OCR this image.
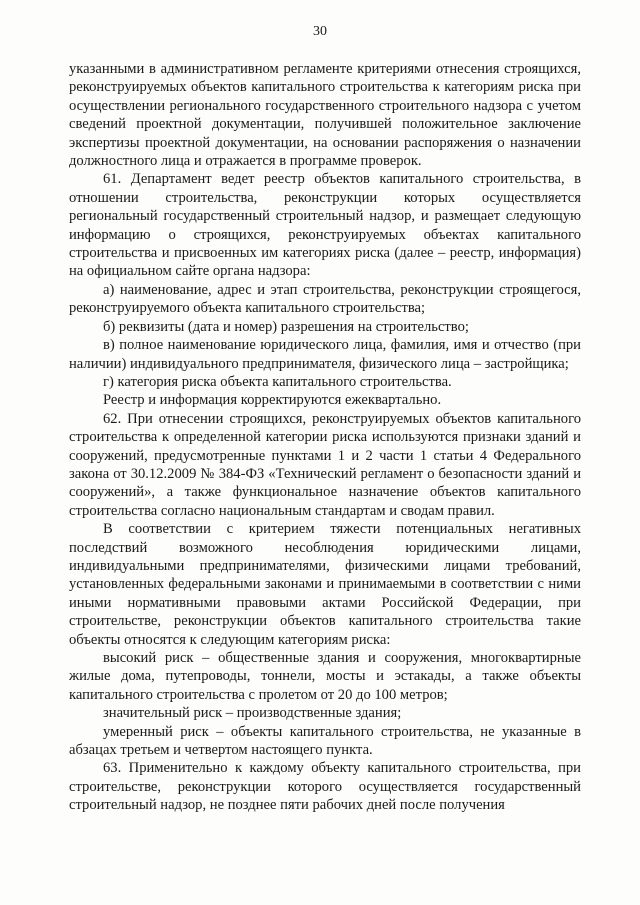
30

указанными в административном регламенте критериями отнесения строящихся, реконструируемых объектов капитального строительства к категориям риска при осуществлении регионального государственного строительного надзора с учетом сведений проектной документации, получившей положительное заключение экспертизы проектной документации, на основании распоряжения о назначении должностного лица и отражается в программе проверок.

61. Департамент ведет реестр объектов капитального строительства, в отношении строительства, реконструкции которых осуществляется региональный государственный строительный надзор, и размещает следующую информацию о строящихся, реконструируемых объектах капитального строительства и присвоенных им категориях риска (далее – реестр, информация) на официальном сайте органа надзора:

а) наименование, адрес и этап строительства, реконструкции строящегося, реконструируемого объекта капитального строительства;

б) реквизиты (дата и номер) разрешения на строительство;

в) полное наименование юридического лица, фамилия, имя и отчество (при наличии) индивидуального предпринимателя, физического лица – застройщика;

г) категория риска объекта капитального строительства.

Реестр и информация корректируются ежеквартально.

62. При отнесении строящихся, реконструируемых объектов капитального строительства к определенной категории риска используются признаки зданий и сооружений, предусмотренные пунктами 1 и 2 части 1 статьи 4 Федерального закона от 30.12.2009 № 384-ФЗ «Технический регламент о безопасности зданий и сооружений», а также функциональное назначение объектов капитального строительства согласно национальным стандартам и сводам правил.

В соответствии с критерием тяжести потенциальных негативных последствий возможного несоблюдения юридическими лицами, индивидуальными предпринимателями, физическими лицами требований, установленных федеральными законами и принимаемыми в соответствии с ними иными нормативными правовыми актами Российской Федерации, при строительстве, реконструкции объектов капитального строительства такие объекты относятся к следующим категориям риска:

высокий риск – общественные здания и сооружения, многоквартирные жилые дома, путепроводы, тоннели, мосты и эстакады, а также объекты капитального строительства с пролетом от 20 до 100 метров;

значительный риск – производственные здания;

умеренный риск – объекты капитального строительства, не указанные в абзацах третьем и четвертом настоящего пункта.

63. Применительно к каждому объекту капитального строительства, при строительстве, реконструкции которого осуществляется государственный строительный надзор, не позднее пяти рабочих дней после получения
